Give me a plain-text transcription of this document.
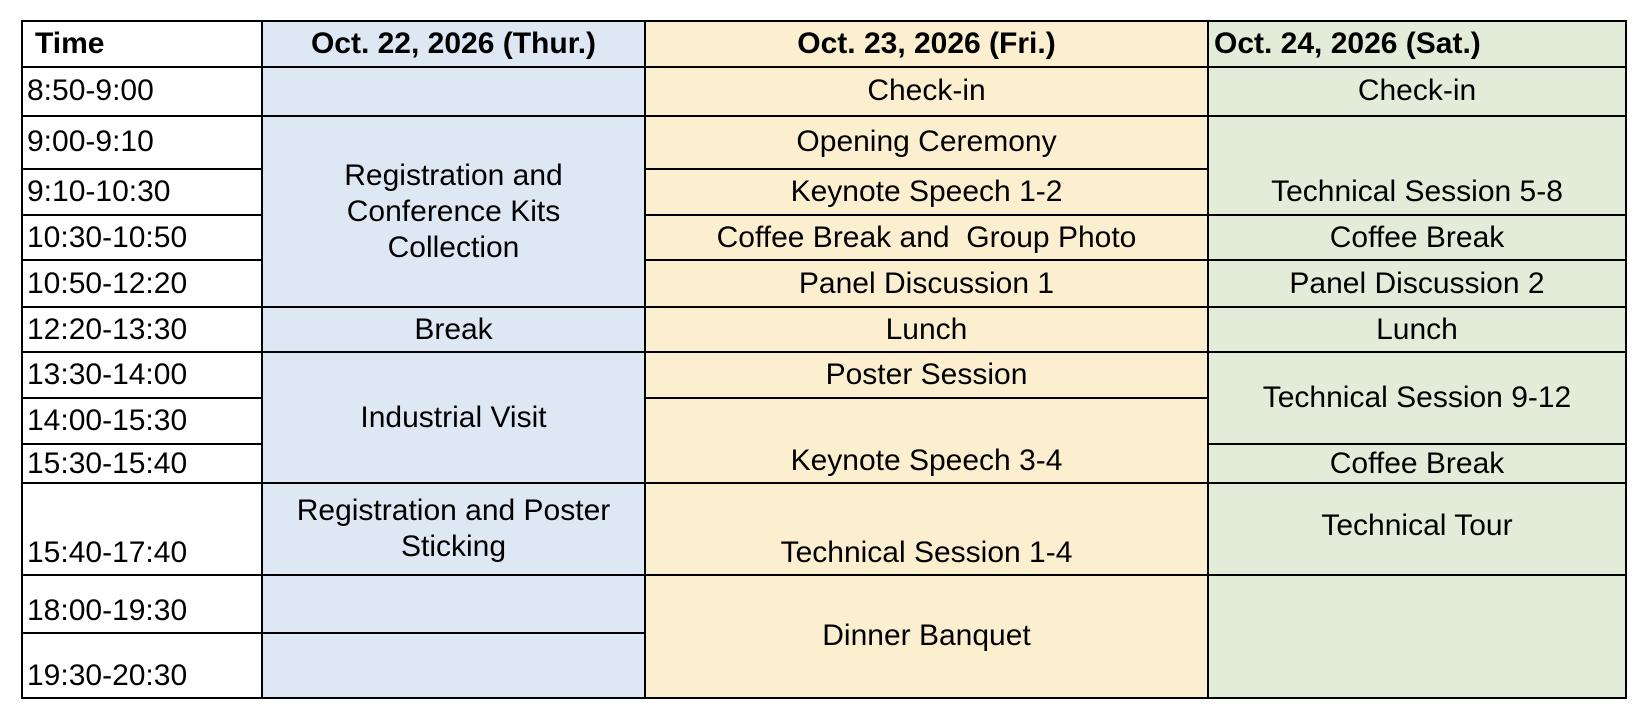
Time	Oct. 22, 2026 (Thur.)	Oct. 23, 2026 (Fri.)	Oct. 24, 2026 (Sat.)
8:50-9:00		Check-in	Check-in
9:00-9:10	Registration and Conference Kits Collection	Opening Ceremony	Technical Session 5-8
9:10-10:30		Keynote Speech 1-2	
10:30-10:50		Coffee Break and  Group Photo	Coffee Break
10:50-12:20		Panel Discussion 1	Panel Discussion 2
12:20-13:30	Break	Lunch	Lunch
13:30-14:00	Industrial Visit	Poster Session	Technical Session 9-12
14:00-15:30		Keynote Speech 3-4	
15:30-15:40			Coffee Break
15:40-17:40	Registration and Poster Sticking	Technical Session 1-4	Technical Tour
18:00-19:30		Dinner Banquet	
19:30-20:30			
